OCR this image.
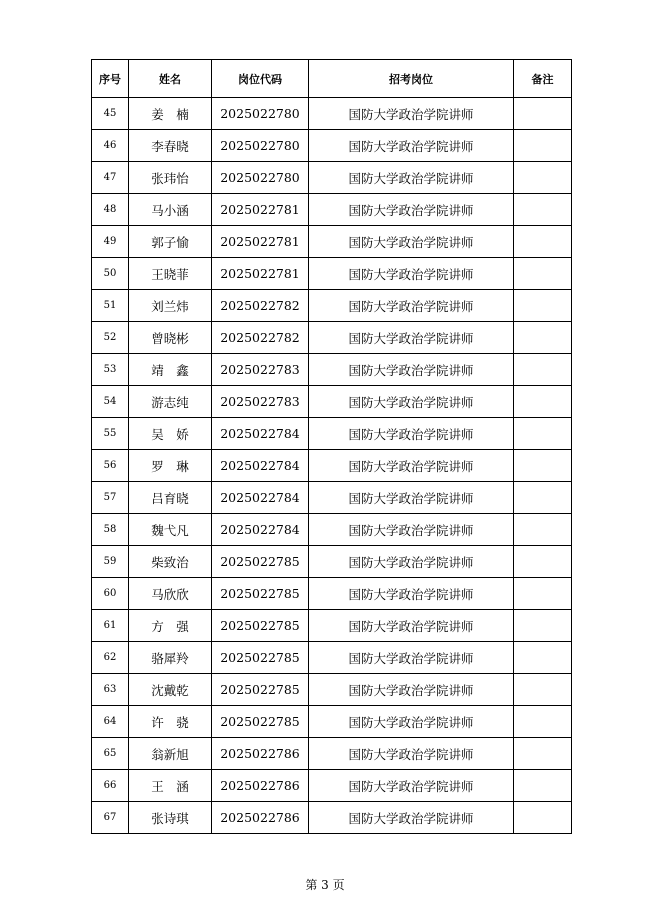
序号	姓名	岗位代码	招考岗位	备注
45	姜　楠	2025022780	国防大学政治学院讲师	
46	李春晓	2025022780	国防大学政治学院讲师	
47	张玮怡	2025022780	国防大学政治学院讲师	
48	马小涵	2025022781	国防大学政治学院讲师	
49	郭子愉	2025022781	国防大学政治学院讲师	
50	王晓菲	2025022781	国防大学政治学院讲师	
51	刘兰炜	2025022782	国防大学政治学院讲师	
52	曾晓彬	2025022782	国防大学政治学院讲师	
53	靖　鑫	2025022783	国防大学政治学院讲师	
54	游志纯	2025022783	国防大学政治学院讲师	
55	吴　娇	2025022784	国防大学政治学院讲师	
56	罗　琳	2025022784	国防大学政治学院讲师	
57	吕育晓	2025022784	国防大学政治学院讲师	
58	魏弋凡	2025022784	国防大学政治学院讲师	
59	柴致治	2025022785	国防大学政治学院讲师	
60	马欣欣	2025022785	国防大学政治学院讲师	
61	方　强	2025022785	国防大学政治学院讲师	
62	骆犀羚	2025022785	国防大学政治学院讲师	
63	沈戴乾	2025022785	国防大学政治学院讲师	
64	许　骁	2025022785	国防大学政治学院讲师	
65	翁新旭	2025022786	国防大学政治学院讲师	
66	王　涵	2025022786	国防大学政治学院讲师	
67	张诗琪	2025022786	国防大学政治学院讲师	
第 3 页
